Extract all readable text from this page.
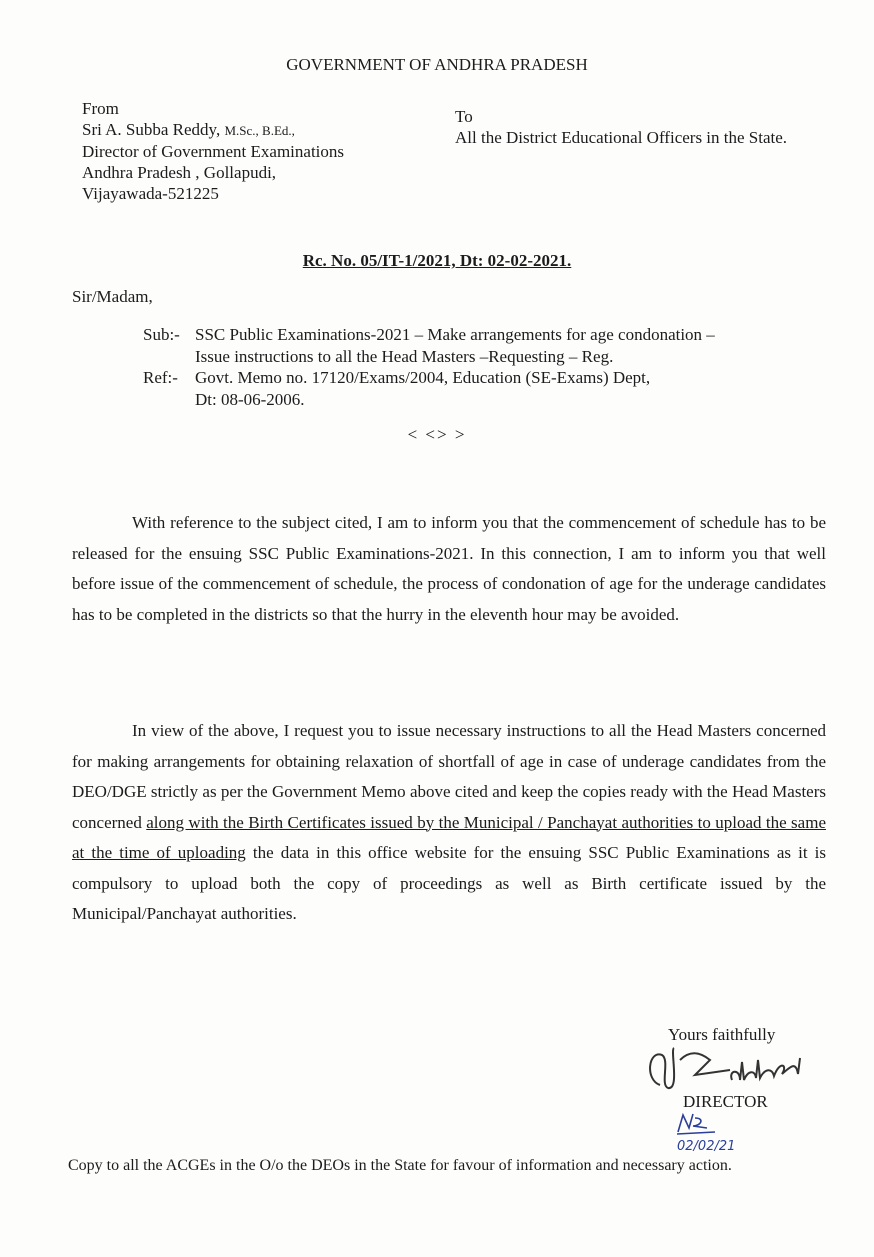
GOVERNMENT OF ANDHRA PRADESH
From
Sri A. Subba Reddy, M.Sc., B.Ed.,
Director of Government Examinations
Andhra Pradesh , Gollapudi,
Vijayawada-521225
To
All the District Educational Officers in the State.
Rc. No. 05/IT-1/2021, Dt: 02-02-2021.
Sir/Madam,
Sub:- SSC Public Examinations-2021 – Make arrangements for age condonation –
Issue instructions to all the Head Masters –Requesting – Reg.
Ref:- Govt. Memo no. 17120/Exams/2004, Education (SE-Exams) Dept,
Dt: 08-06-2006.
< <> >
With reference to the subject cited, I am to inform you that the commencement of schedule has to be released for the ensuing SSC Public Examinations-2021. In this connection, I am to inform you that well before issue of the commencement of schedule, the process of condonation of age for the underage candidates has to be completed in the districts so that the hurry in the eleventh hour may be avoided.
In view of the above, I request you to issue necessary instructions to all the Head Masters concerned for making arrangements for obtaining relaxation of shortfall of age in case of underage candidates from the DEO/DGE strictly as per the Government Memo above cited and keep the copies ready with the Head Masters concerned along with the Birth Certificates issued by the Municipal / Panchayat authorities to upload the same at the time of uploading the data in this office website for the ensuing SSC Public Examinations as it is compulsory to upload both the copy of proceedings as well as Birth certificate issued by the Municipal/Panchayat authorities.
Yours faithfully
DIRECTOR
02/02/21
Copy to all the ACGEs in the O/o the DEOs in the State for favour of information and necessary action.
